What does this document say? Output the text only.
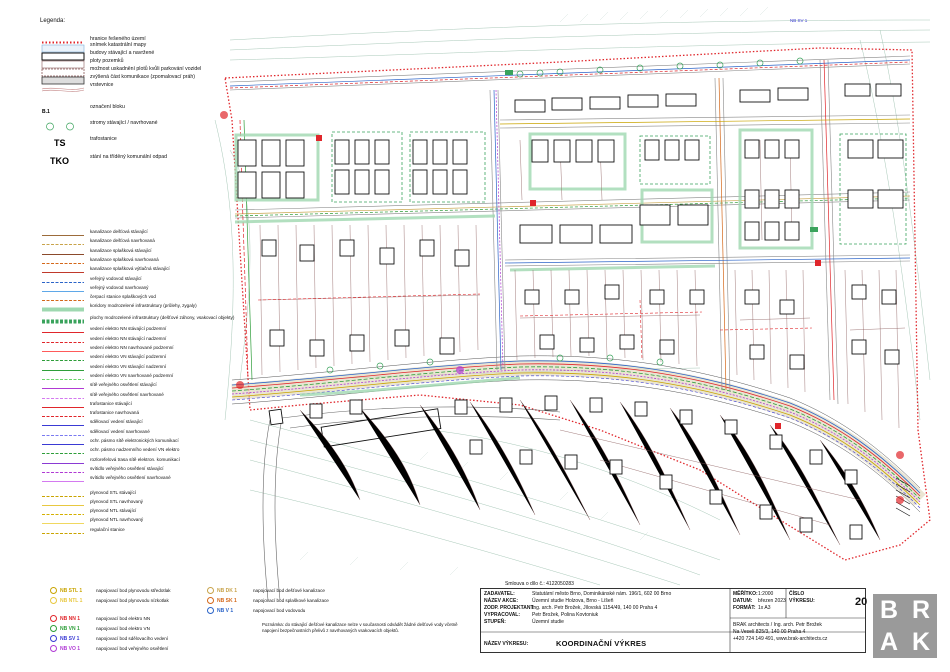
NB SV 1
Legenda:
hranice řešeného území
snímek katastrální mapy
budovy stávající a navržené
ploty pozemků
možnost uskadnění plotů kvůli parkování vozidel
zvýšená část komunikace (zpomalovací práh)
vrstevnice
B.1
označení bloku
stromy stávající / navrhované
TS	trafostanice
TKO	stání na tříděný komunální odpad
kanalizace dešťová stávající
kanalizace dešťová navrhovaná
kanalizace splašková stávající
kanalizace splašková navrhovaná
kanalizace splašková výtlačná stávající
veřejný vodovod stávající
veřejný vodovod navrhovaný
čerpací stanice splaškových vod
koridory modrozelené infrastruktury (průlehy, zygaly)
plochy modrozelené infrastruktury (dešťové záhony, vsakovací objekty)
vedení elektro NN stávající podzemní
vedení elektro NN stávající nadzemní
vedení elektro NN navrhované podzemní
vedení elektro VN stávající podzemní
vedení elektro VN stávající nadzemní
vedení elektro VN navrhované podzemní
sítě veřejného osvětlení stávající
sítě veřejného osvětlení navrhované
trafostanice stávající
trafostanice navrhovaná
sdělovací vedení stávající
sdělovací vedení navrhované
ochr. pásmo sítě elektronických komunikací
ochr. pásmo nadzemního vedení VN elektro
rozlorefelová trasa sítě elektron. komunikací
svítidlo veřejného osvětlení stávající
svítidlo veřejného osvětlení navrhované
plynovod STL stávající
plynovod STL navrhovaný
plynovod NTL stávající
plynovod NTL navrhovaný
regulační stanice
NB STL 1	napojovací bod plynovodu středotlak
NB NTL 1	napojovací bod plynovodu nízkotlak
NB NN 1	napojovací bod elektro NN
NB VN 1	napojovací bod elektro VN
NB SV 1	napojovací bod sdělovacího vedení
NB VO 1	napojovací bod veřejného osvětlení
NB DK 1	napojovací bod dešťové kanalizace
NB SK 1	napojovací bod splaškové kanalizace
NB V 1	napojovací bod vodovodu
Poznámka: do stávající dešťové kanalizace nelze v současnosti odvádět žádné dešťové vody včetně napojení bezpečnostních přelivů z navrhovaných vsakovacích objektů.
Smlouva o dílo č.: 4122050283
ZADAVATEL:	Statutární město Brno, Dominikánské nám. 196/1, 602 00 Brno
NÁZEV AKCE:	Územní studie Holzova, Brno - Líšeň
ZODP. PROJEKTANT:
Ing. arch. Petr Brožek, Jílovská 1154/49, 140 00 Praha 4
VYPRACOVAL: Petr Brožek, Polina Kovtoniuk
STUPEŇ:	Územní studie
NÁZEV VÝKRESU:	KOORDINAČNÍ VÝKRES
MĚŘÍTKO: 1:2000
DATUM: březen 2023
FORMÁT: 1x A3
ČÍSLO VÝKRESU:	20
BRAK architects / Ing. arch. Petr Brožek
Na Veselí 825/3, 140 00 Praha 4
+420 724 149 491, www.brak-architects.cz
B R
A K
